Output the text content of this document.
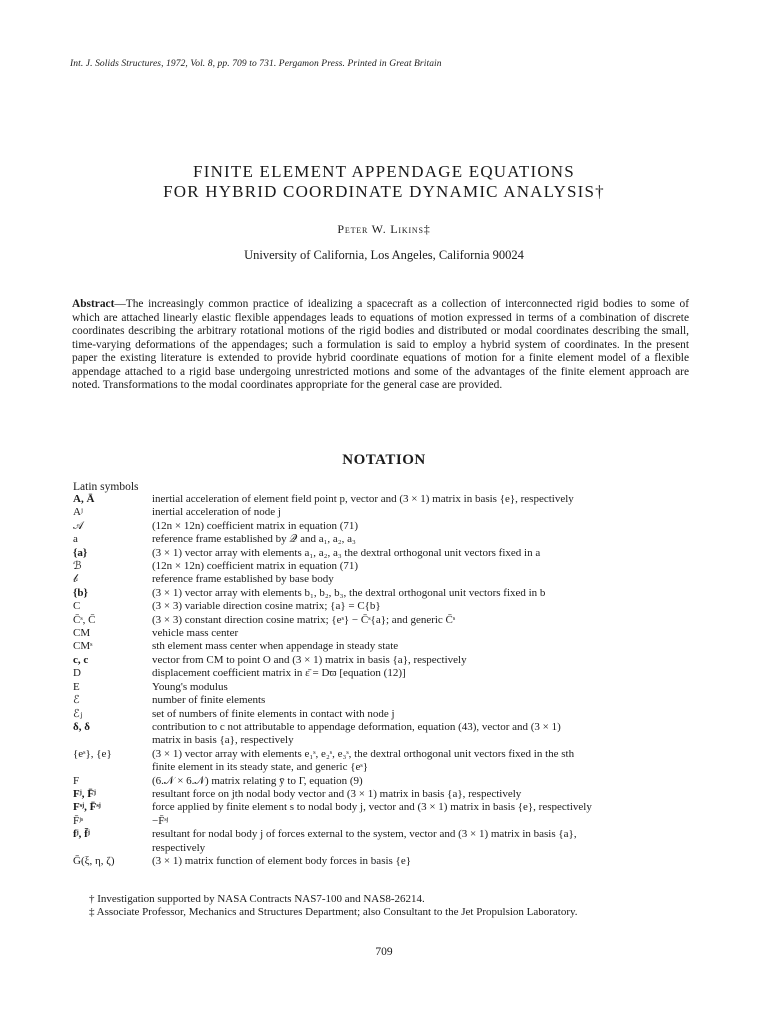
Int. J. Solids Structures, 1972, Vol. 8, pp. 709 to 731. Pergamon Press. Printed in Great Britain
FINITE ELEMENT APPENDAGE EQUATIONS
FOR HYBRID COORDINATE DYNAMIC ANALYSIS†
Peter W. Likins‡
University of California, Los Angeles, California 90024
Abstract—The increasingly common practice of idealizing a spacecraft as a collection of interconnected rigid bodies to some of which are attached linearly elastic flexible appendages leads to equations of motion expressed in terms of a combination of discrete coordinates describing the arbitrary rotational motions of the rigid bodies and distributed or modal coordinates describing the small, time-varying deformations of the appendages; such a formulation is said to employ a hybrid system of coordinates. In the present paper the existing literature is extended to provide hybrid coordinate equations of motion for a finite element model of a flexible appendage attached to a rigid base undergoing unrestricted motions and some of the advantages of the finite element approach are noted. Transformations to the modal coordinates appropriate for the general case are provided.
NOTATION
Latin symbols
A, Ā	inertial acceleration of element field point p, vector and (3 × 1) matrix in basis {e}, respectively
Aʲ	inertial acceleration of node j
𝒜	(12n × 12n) coefficient matrix in equation (71)
a	reference frame established by 𝒬 and a₁, a₂, a₃
{a}	(3 × 1) vector array with elements a₁, a₂, a₃ the dextral orthogonal unit vectors fixed in a
ℬ	(12n × 12n) coefficient matrix in equation (71)
𝒷	reference frame established by base body
{b}	(3 × 1) vector array with elements b₁, b₂, b₃, the dextral orthogonal unit vectors fixed in b
C	(3 × 3) variable direction cosine matrix; {a} = C{b}
C̄ˢ, C̄	(3 × 3) constant direction cosine matrix; {eˢ} − C̄ˢ{a}; and generic C̄ˢ
CM	vehicle mass center
CMˢ	sth element mass center when appendage in steady state
c, c	vector from CM to point O and (3 × 1) matrix in basis {a}, respectively
D	displacement coefficient matrix in ε̄ = Dϖ [equation (12)]
E	Young's modulus
ℰ	number of finite elements
ℰⱼ	set of numbers of finite elements in contact with node j
δ, δ	contribution to c not attributable to appendage deformation, equation (43), vector and (3 × 1)
matrix in basis {a}, respectively
{eˢ}, {e}	(3 × 1) vector array with elements e₁ˢ, e₂ˢ, e₃ˢ, the dextral orthogonal unit vectors fixed in the sth
finite element in its steady state, and generic {eˢ}
F	(6.𝒩 × 6.𝒩) matrix relating ȳ to Γ, equation (9)
Fʲ, F̄ʲ	resultant force on jth nodal body vector and (3 × 1) matrix in basis {a}, respectively
Fˢʲ, F̄ˢʲ	force applied by finite element s to nodal body j, vector and (3 × 1) matrix in basis {e}, respectively
F̄ʲˢ	−F̄ˢʲ
fʲ, f̄ʲ	resultant for nodal body j of forces external to the system, vector and (3 × 1) matrix in basis {a},
respectively
Ḡ(ξ, η, ζ)	(3 × 1) matrix function of element body forces in basis {e}
† Investigation supported by NASA Contracts NAS7-100 and NAS8-26214.
‡ Associate Professor, Mechanics and Structures Department; also Consultant to the Jet Propulsion Laboratory.
709
